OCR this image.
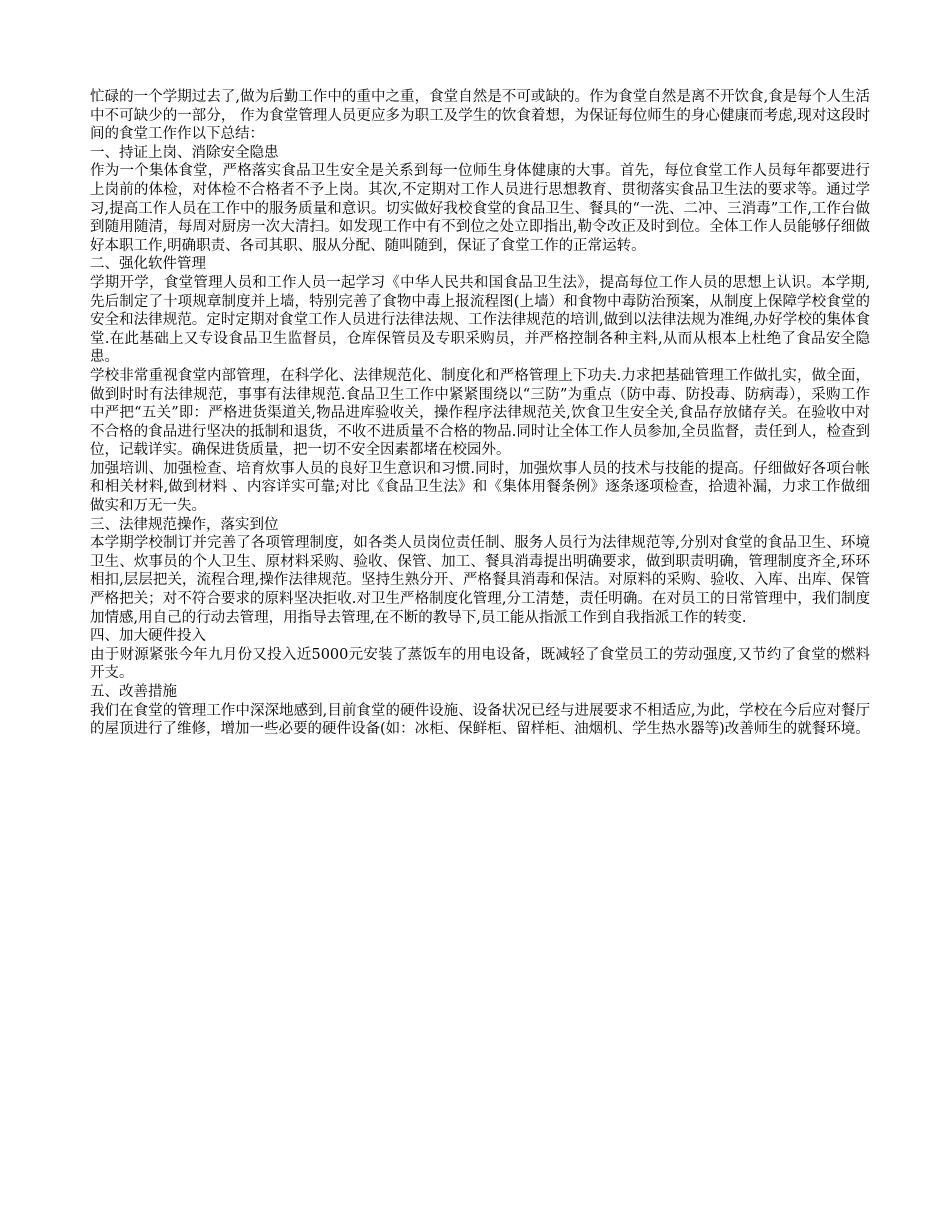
忙碌的一个学期过去了,做为后勤工作中的重中之重，食堂自然是不可或缺的。作为食堂自然是离不开饮食,食是每个人生活中不可缺少的一部分， 作为食堂管理人员更应多为职工及学生的饮食着想，为保证每位师生的身心健康而考虑,现对这段时间的食堂工作作以下总结：

一、持证上岗、消除安全隐患

作为一个集体食堂，严格落实食品卫生安全是关系到每一位师生身体健康的大事。首先，每位食堂工作人员每年都要进行上岗前的体检，对体检不合格者不予上岗。其次,不定期对工作人员进行思想教育、贯彻落实食品卫生法的要求等。通过学习,提高工作人员在工作中的服务质量和意识。切实做好我校食堂的食品卫生、餐具的“一洗、二冲、三消毒”工作,工作台做到随用随清，每周对厨房一次大清扫。如发现工作中有不到位之处立即指出,勒令改正及时到位。全体工作人员能够仔细做好本职工作,明确职责、各司其职、服从分配、随叫随到，保证了食堂工作的正常运转。

二、强化软件管理

学期开学，食堂管理人员和工作人员一起学习《中华人民共和国食品卫生法》，提高每位工作人员的思想上认识。本学期,先后制定了十项规章制度并上墙，特别完善了食物中毒上报流程图(上墙）和食物中毒防治预案，从制度上保障学校食堂的安全和法律规范。定时定期对食堂工作人员进行法律法规、工作法律规范的培训,做到以法律法规为准绳,办好学校的集体食堂.在此基础上又专设食品卫生监督员，仓库保管员及专职采购员，并严格控制各种主料,从而从根本上杜绝了食品安全隐患。

学校非常重视食堂内部管理，在科学化、法律规范化、制度化和严格管理上下功夫.力求把基础管理工作做扎实，做全面，做到时时有法律规范，事事有法律规范.食品卫生工作中紧紧围绕以“三防”为重点（防中毒、防投毒、防病毒），采购工作中严把“五关”即：严格进货渠道关,物品进库验收关，操作程序法律规范关,饮食卫生安全关,食品存放储存关。在验收中对不合格的食品进行坚决的抵制和退货，不收不进质量不合格的物品.同时让全体工作人员参加,全员监督，责任到人，检查到位，记载详实。确保进货质量，把一切不安全因素都堵在校园外。

加强培训、加强检查、培育炊事人员的良好卫生意识和习惯.同时，加强炊事人员的技术与技能的提高。仔细做好各项台帐和相关材料,做到材料 、内容详实可靠;对比《食品卫生法》和《集体用餐条例》逐条逐项检查，拾遗补漏，力求工作做细做实和万无一失。

三、法律规范操作，落实到位

本学期学校制订并完善了各项管理制度，如各类人员岗位责任制、服务人员行为法律规范等,分别对食堂的食品卫生、环境卫生、炊事员的个人卫生、原材料采购、验收、保管、加工、餐具消毒提出明确要求，做到职责明确，管理制度齐全,环环相扣,层层把关，流程合理,操作法律规范。坚持生熟分开、严格餐具消毒和保洁。对原料的采购、验收、入库、出库、保管严格把关；对不符合要求的原料坚决拒收.对卫生严格制度化管理,分工清楚，责任明确。在对员工的日常管理中，我们制度加情感,用自己的行动去管理，用指导去管理,在不断的教导下,员工能从指派工作到自我指派工作的转变.

四、加大硬件投入

由于财源紧张今年九月份又投入近5000元安装了蒸饭车的用电设备，既减轻了食堂员工的劳动强度,又节约了食堂的燃料开支。

五、改善措施

我们在食堂的管理工作中深深地感到,目前食堂的硬件设施、设备状况已经与进展要求不相适应,为此，学校在今后应对餐厅的屋顶进行了维修，增加一些必要的硬件设备(如：冰柜、保鲜柜、留样柜、油烟机、学生热水器等)改善师生的就餐环境。
